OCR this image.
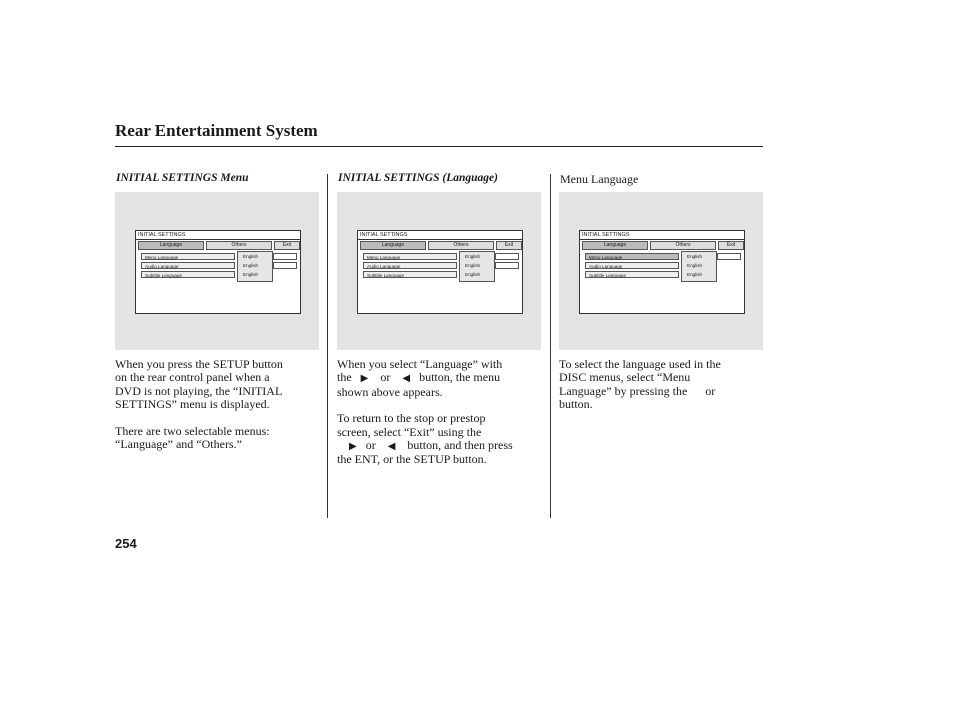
Rear Entertainment System
INITIAL SETTINGS Menu
INITIAL SETTINGS
Language	Others	Exit
Menu Language
Audio Language
Subtitle Language
English
English
English
When you press the SETUP button
on the rear control panel when a
DVD is not playing, the “INITIAL
SETTINGS” menu is displayed.
There are two selectable menus:
“Language” and “Others.”
INITIAL SETTINGS (Language)
INITIAL SETTINGS
Language	Others	Exit
Menu Language
Audio Language
Subtitle Language
English
English
English
When you select “Language” with
the ▶ or ◀ button, the menu
shown above appears.
To return to the stop or prestop
screen, select “Exit” using the
▶ or ◀ button, and then press
the ENT, or the SETUP button.
Menu Language
INITIAL SETTINGS
Language	Others	Exit
Menu Language
Audio Language
Subtitle Language
English
English
English
To select the language used in the
DISC menus, select “Menu
Language” by pressing the      or
button.
254
